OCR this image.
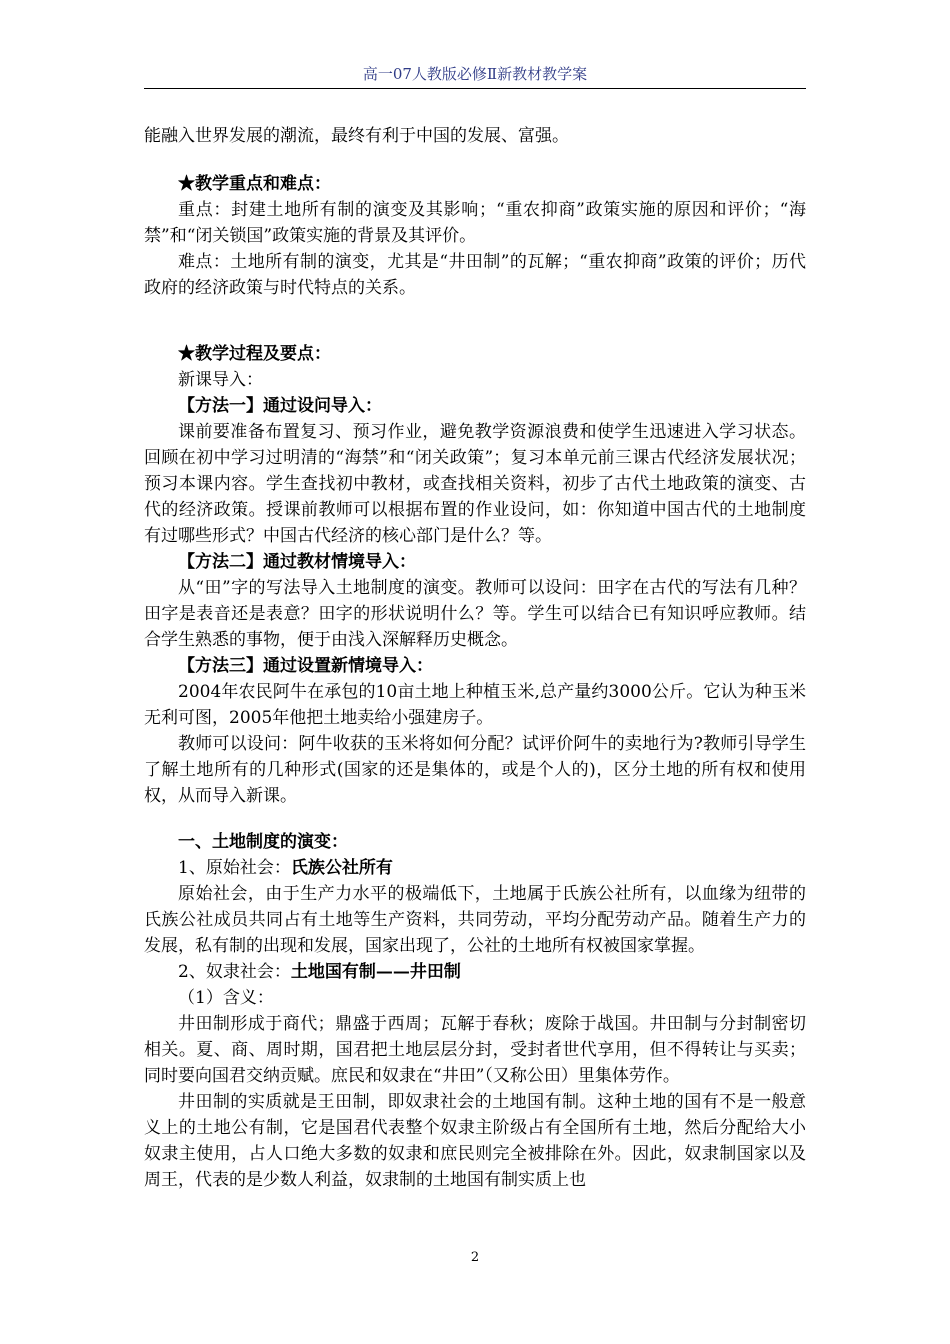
高一07人教版必修Ⅱ新教材教学案

能融入世界发展的潮流，最终有利于中国的发展、富强。

★教学重点和难点：

重点：封建土地所有制的演变及其影响；“重农抑商”政策实施的原因和评价；“海禁”和“闭关锁国”政策实施的背景及其评价。

难点：土地所有制的演变，尤其是“井田制”的瓦解；“重农抑商”政策的评价；历代政府的经济政策与时代特点的关系。

★教学过程及要点：

新课导入：

【方法一】通过设问导入：

课前要准备布置复习、预习作业，避免教学资源浪费和使学生迅速进入学习状态。回顾在初中学习过明清的“海禁”和“闭关政策”；复习本单元前三课古代经济发展状况；预习本课内容。学生查找初中教材，或查找相关资料，初步了古代土地政策的演变、古代的经济政策。授课前教师可以根据布置的作业设问，如：你知道中国古代的土地制度有过哪些形式？中国古代经济的核心部门是什么？等。

【方法二】通过教材情境导入：

从“田”字的写法导入土地制度的演变。教师可以设问：田字在古代的写法有几种？田字是表音还是表意？田字的形状说明什么？等。学生可以结合已有知识呼应教师。结合学生熟悉的事物，便于由浅入深解释历史概念。

【方法三】通过设置新情境导入：

2004年农民阿牛在承包的10亩土地上种植玉米,总产量约3000公斤。它认为种玉米无利可图，2005年他把土地卖给小强建房子。

教师可以设问：阿牛收获的玉米将如何分配？试评价阿牛的卖地行为?教师引导学生了解土地所有的几种形式(国家的还是集体的，或是个人的)，区分土地的所有权和使用权，从而导入新课。

一、土地制度的演变：

1、原始社会：氏族公社所有

原始社会，由于生产力水平的极端低下，土地属于氏族公社所有，以血缘为纽带的氏族公社成员共同占有土地等生产资料，共同劳动，平均分配劳动产品。随着生产力的发展，私有制的出现和发展，国家出现了，公社的土地所有权被国家掌握。

2、奴隶社会：土地国有制——井田制

（1）含义：

井田制形成于商代；鼎盛于西周；瓦解于春秋；废除于战国。井田制与分封制密切相关。夏、商、周时期，国君把土地层层分封，受封者世代享用，但不得转让与买卖；同时要向国君交纳贡赋。庶民和奴隶在“井田”（又称公田）里集体劳作。

井田制的实质就是王田制，即奴隶社会的土地国有制。这种土地的国有不是一般意义上的土地公有制，它是国君代表整个奴隶主阶级占有全国所有土地，然后分配给大小奴隶主使用，占人口绝大多数的奴隶和庶民则完全被排除在外。因此，奴隶制国家以及周王，代表的是少数人利益，奴隶制的土地国有制实质上也

2
